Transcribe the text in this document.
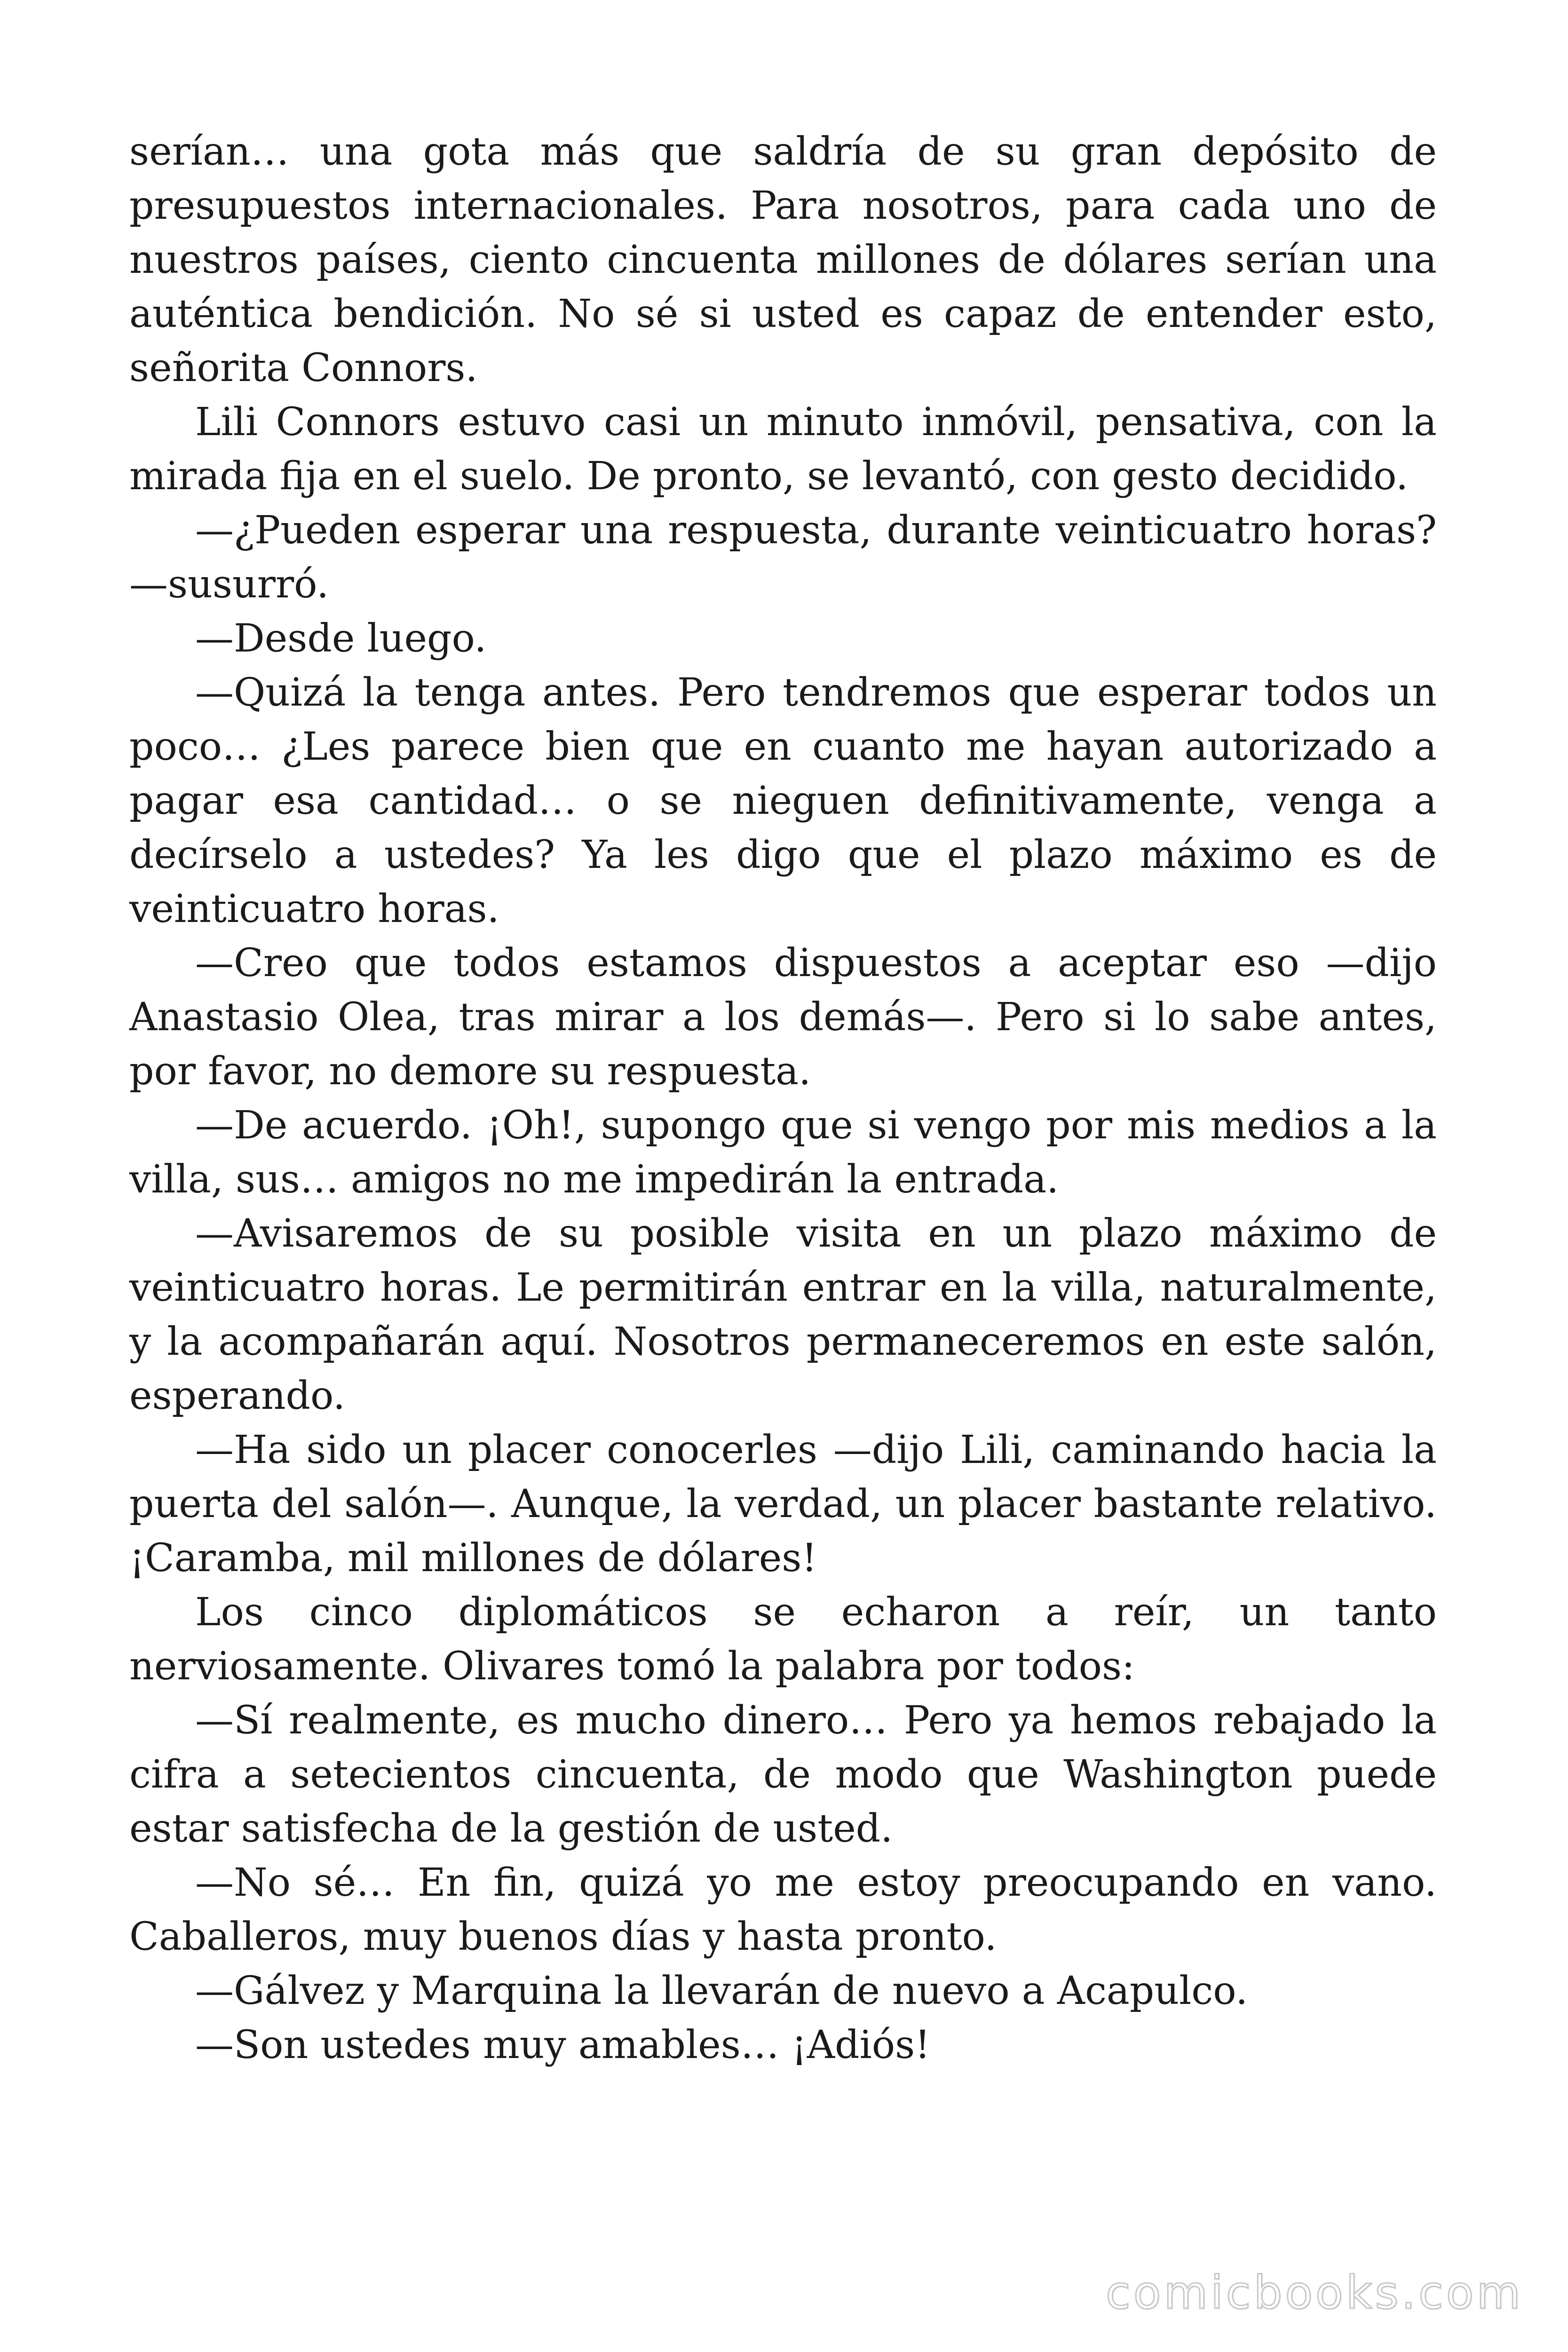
serían… una gota más que saldría de su gran depósito de presupuestos internacionales. Para nosotros, para cada uno de nuestros países, ciento cincuenta millones de dólares serían una auténtica bendición. No sé si usted es capaz de entender esto, señorita Connors.

Lili Connors estuvo casi un minuto inmóvil, pensativa, con la mirada fija en el suelo. De pronto, se levantó, con gesto decidido.

—¿Pueden esperar una respuesta, durante veinticuatro horas? —susurró.

—Desde luego.

—Quizá la tenga antes. Pero tendremos que esperar todos un poco… ¿Les parece bien que en cuanto me hayan autorizado a pagar esa cantidad… o se nieguen definitivamente, venga a decírselo a ustedes? Ya les digo que el plazo máximo es de veinticuatro horas.

—Creo que todos estamos dispuestos a aceptar eso —dijo Anastasio Olea, tras mirar a los demás—. Pero si lo sabe antes, por favor, no demore su respuesta.

—De acuerdo. ¡Oh!, supongo que si vengo por mis medios a la villa, sus… amigos no me impedirán la entrada.

—Avisaremos de su posible visita en un plazo máximo de veinticuatro horas. Le permitirán entrar en la villa, naturalmente, y la acompañarán aquí. Nosotros permaneceremos en este salón, esperando.

—Ha sido un placer conocerles —dijo Lili, caminando hacia la puerta del salón—. Aunque, la verdad, un placer bastante relativo. ¡Caramba, mil millones de dólares!

Los cinco diplomáticos se echaron a reír, un tanto nerviosamente. Olivares tomó la palabra por todos:

—Sí realmente, es mucho dinero… Pero ya hemos rebajado la cifra a setecientos cincuenta, de modo que Washington puede estar satisfecha de la gestión de usted.

—No sé… En fin, quizá yo me estoy preocupando en vano. Caballeros, muy buenos días y hasta pronto.

—Gálvez y Marquina la llevarán de nuevo a Acapulco.

—Son ustedes muy amables… ¡Adiós!

comicbooks.com
